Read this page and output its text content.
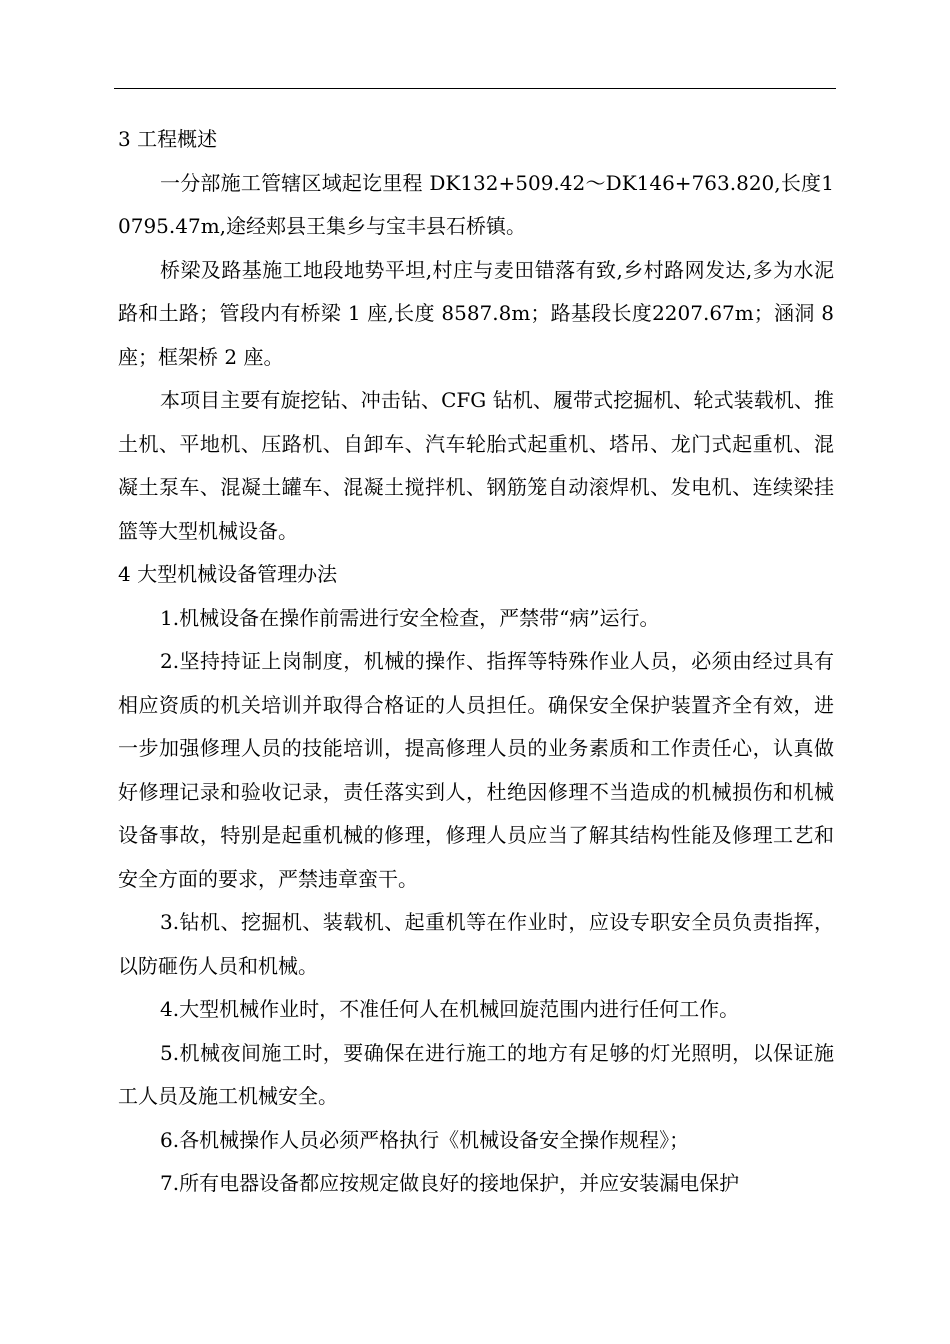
3 工程概述

一分部施工管辖区域起讫里程 DK132+509.42～DK146+763.820,长度10795.47m,途经郏县王集乡与宝丰县石桥镇。

桥梁及路基施工地段地势平坦,村庄与麦田错落有致,乡村路网发达,多为水泥路和土路；管段内有桥梁 1 座,长度 8587.8m；路基段长度2207.67m；涵洞 8 座；框架桥 2 座。

本项目主要有旋挖钻、冲击钻、CFG 钻机、履带式挖掘机、轮式装载机、推土机、平地机、压路机、自卸车、汽车轮胎式起重机、塔吊、龙门式起重机、混凝土泵车、混凝土罐车、混凝土搅拌机、钢筋笼自动滚焊机、发电机、连续梁挂篮等大型机械设备。

4 大型机械设备管理办法

1.机械设备在操作前需进行安全检查，严禁带“病”运行。

2.坚持持证上岗制度，机械的操作、指挥等特殊作业人员，必须由经过具有相应资质的机关培训并取得合格证的人员担任。确保安全保护装置齐全有效，进一步加强修理人员的技能培训，提高修理人员的业务素质和工作责任心，认真做好修理记录和验收记录，责任落实到人，杜绝因修理不当造成的机械损伤和机械设备事故，特别是起重机械的修理，修理人员应当了解其结构性能及修理工艺和安全方面的要求，严禁违章蛮干。

3.钻机、挖掘机、装载机、起重机等在作业时，应设专职安全员负责指挥，以防砸伤人员和机械。

4.大型机械作业时，不准任何人在机械回旋范围内进行任何工作。

5.机械夜间施工时，要确保在进行施工的地方有足够的灯光照明，以保证施工人员及施工机械安全。

6.各机械操作人员必须严格执行《机械设备安全操作规程》；

7.所有电器设备都应按规定做良好的接地保护，并应安装漏电保护
